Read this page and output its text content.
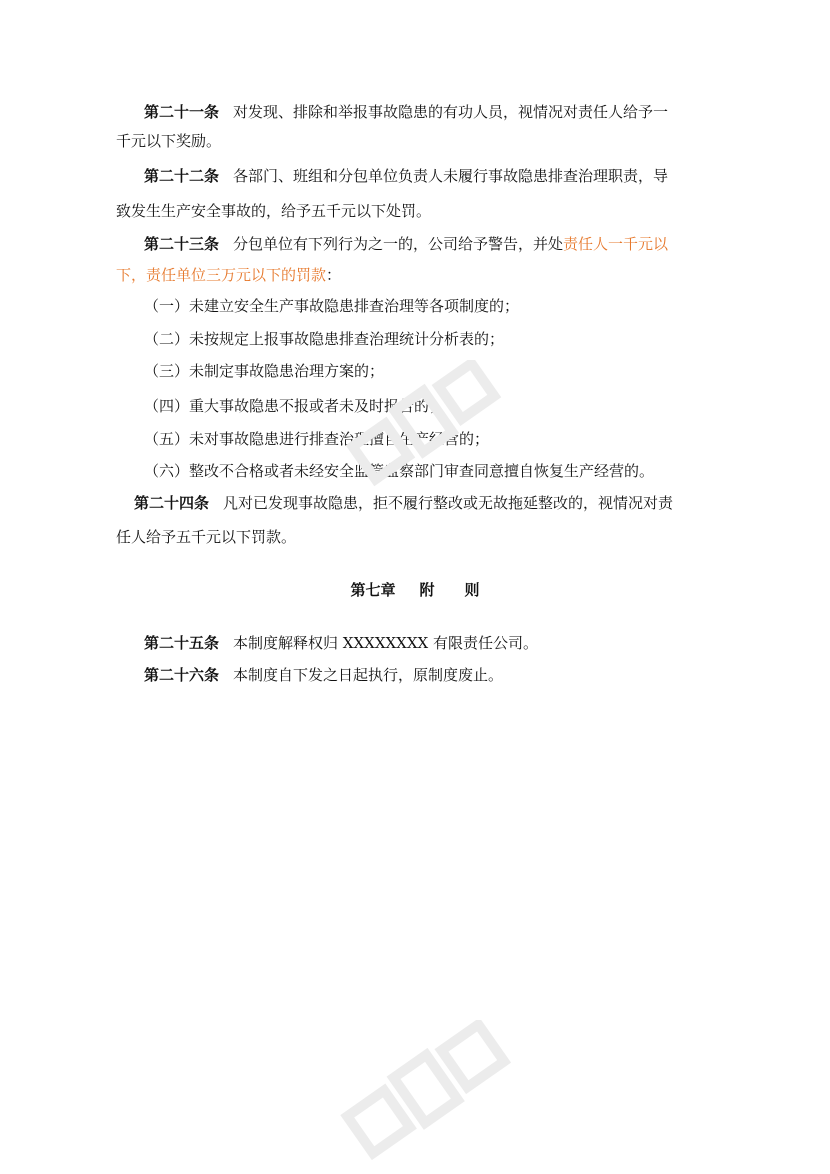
第二十一条 对发现、排除和举报事故隐患的有功人员，视情况对责任人给予一
千元以下奖励。
第二十二条 各部门、班组和分包单位负责人未履行事故隐患排查治理职责，导
致发生生产安全事故的，给予五千元以下处罚。
第二十三条 分包单位有下列行为之一的，公司给予警告，并处责任人一千元以
下，责任单位三万元以下的罚款：
（一）未建立安全生产事故隐患排查治理等各项制度的；
（二）未按规定上报事故隐患排查治理统计分析表的；
（三）未制定事故隐患治理方案的；
（四）重大事故隐患不报或者未及时报告的；
（五）未对事故隐患进行排查治理擅自生产经营的；
（六）整改不合格或者未经安全监管监察部门审查同意擅自恢复生产经营的。
第二十四条 凡对已发现事故隐患，拒不履行整改或无故拖延整改的，视情况对责
任人给予五千元以下罚款。
第七章 附 则
第二十五条 本制度解释权归 XXXXXXXX 有限责任公司。
第二十六条 本制度自下发之日起执行，原制度废止。
